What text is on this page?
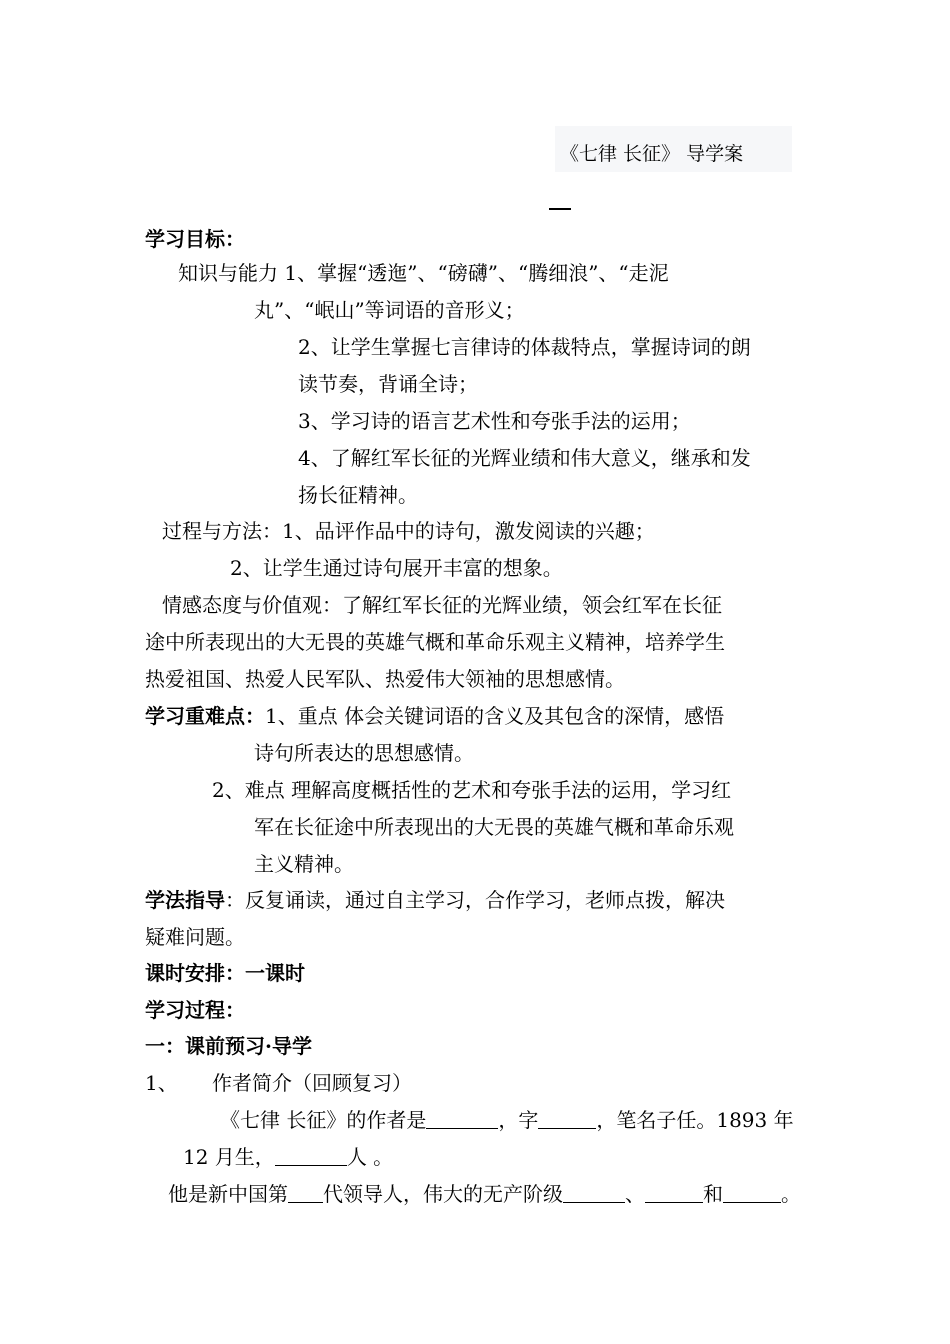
《七律 长征》 导学案
学习目标：
知识与能力 1、掌握“透迤”、“磅礴”、“腾细浪”、“走泥
丸”、“岷山”等词语的音形义；
2、让学生掌握七言律诗的体裁特点，掌握诗词的朗
读节奏，背诵全诗；
3、学习诗的语言艺术性和夸张手法的运用；
4、了解红军长征的光辉业绩和伟大意义，继承和发
扬长征精神。
过程与方法：1、品评作品中的诗句，激发阅读的兴趣；
2、让学生通过诗句展开丰富的想象。
情感态度与价值观：了解红军长征的光辉业绩，领会红军在长征
途中所表现出的大无畏的英雄气概和革命乐观主义精神，培养学生
热爱祖国、热爱人民军队、热爱伟大领袖的思想感情。
学习重难点：1、重点 体会关键词语的含义及其包含的深情，感悟
诗句所表达的思想感情。
2、难点 理解高度概括性的艺术和夸张手法的运用，学习红
军在长征途中所表现出的大无畏的英雄气概和革命乐观
主义精神。
学法指导：反复诵读，通过自主学习，合作学习，老师点拨，解决
疑难问题。
课时安排：一课时
学习过程：
一：课前预习·导学
1、 作者简介（回顾复习）
《七律 长征》的作者是	，字	，笔名子任。1893 年
12 月生，	人 。
他是新中国第 代领导人，伟大的无产阶级	、	和	。
